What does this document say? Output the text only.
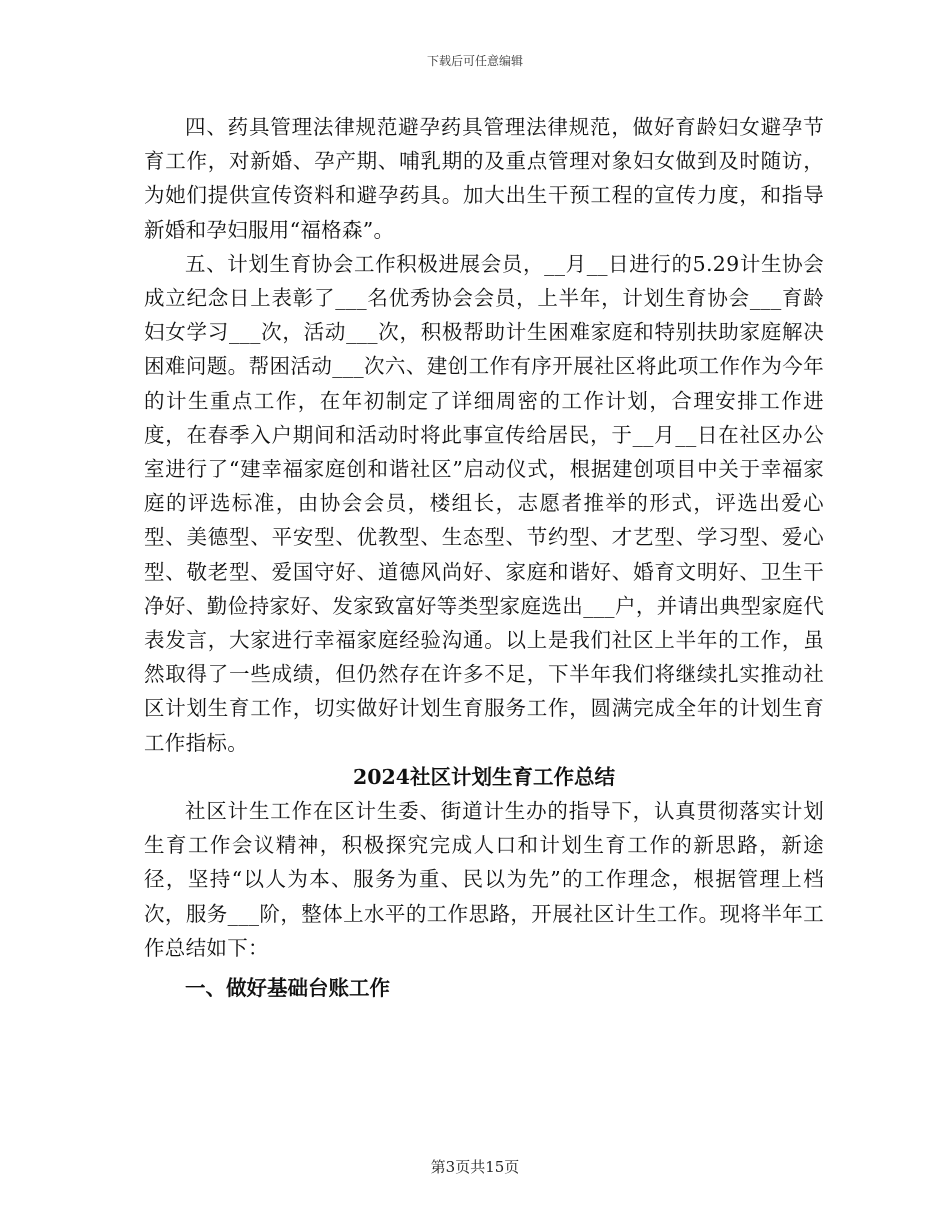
下载后可任意编辑

四、药具管理法律规范避孕药具管理法律规范，做好育龄妇女避孕节育工作，对新婚、孕产期、哺乳期的及重点管理对象妇女做到及时随访，为她们提供宣传资料和避孕药具。加大出生干预工程的宣传力度，和指导新婚和孕妇服用“福格森”。

五、计划生育协会工作积极进展会员，__月__日进行的5.29计生协会成立纪念日上表彰了___名优秀协会会员，上半年，计划生育协会___育龄妇女学习___次，活动___次，积极帮助计生困难家庭和特别扶助家庭解决困难问题。帮困活动___次六、建创工作有序开展社区将此项工作作为今年的计生重点工作，在年初制定了详细周密的工作计划，合理安排工作进度，在春季入户期间和活动时将此事宣传给居民，于__月__日在社区办公室进行了“建幸福家庭创和谐社区”启动仪式，根据建创项目中关于幸福家庭的评选标准，由协会会员，楼组长，志愿者推举的形式，评选出爱心型、美德型、平安型、优教型、生态型、节约型、才艺型、学习型、爱心型、敬老型、爱国守好、道德风尚好、家庭和谐好、婚育文明好、卫生干净好、勤俭持家好、发家致富好等类型家庭选出___户，并请出典型家庭代表发言，大家进行幸福家庭经验沟通。以上是我们社区上半年的工作，虽然取得了一些成绩，但仍然存在许多不足，下半年我们将继续扎实推动社区计划生育工作，切实做好计划生育服务工作，圆满完成全年的计划生育工作指标。

2024社区计划生育工作总结

社区计生工作在区计生委、街道计生办的指导下，认真贯彻落实计划生育工作会议精神，积极探究完成人口和计划生育工作的新思路，新途径，坚持“以人为本、服务为重、民以为先”的工作理念，根据管理上档次，服务___阶，整体上水平的工作思路，开展社区计生工作。现将半年工作总结如下：

一、做好基础台账工作

第3页共15页
